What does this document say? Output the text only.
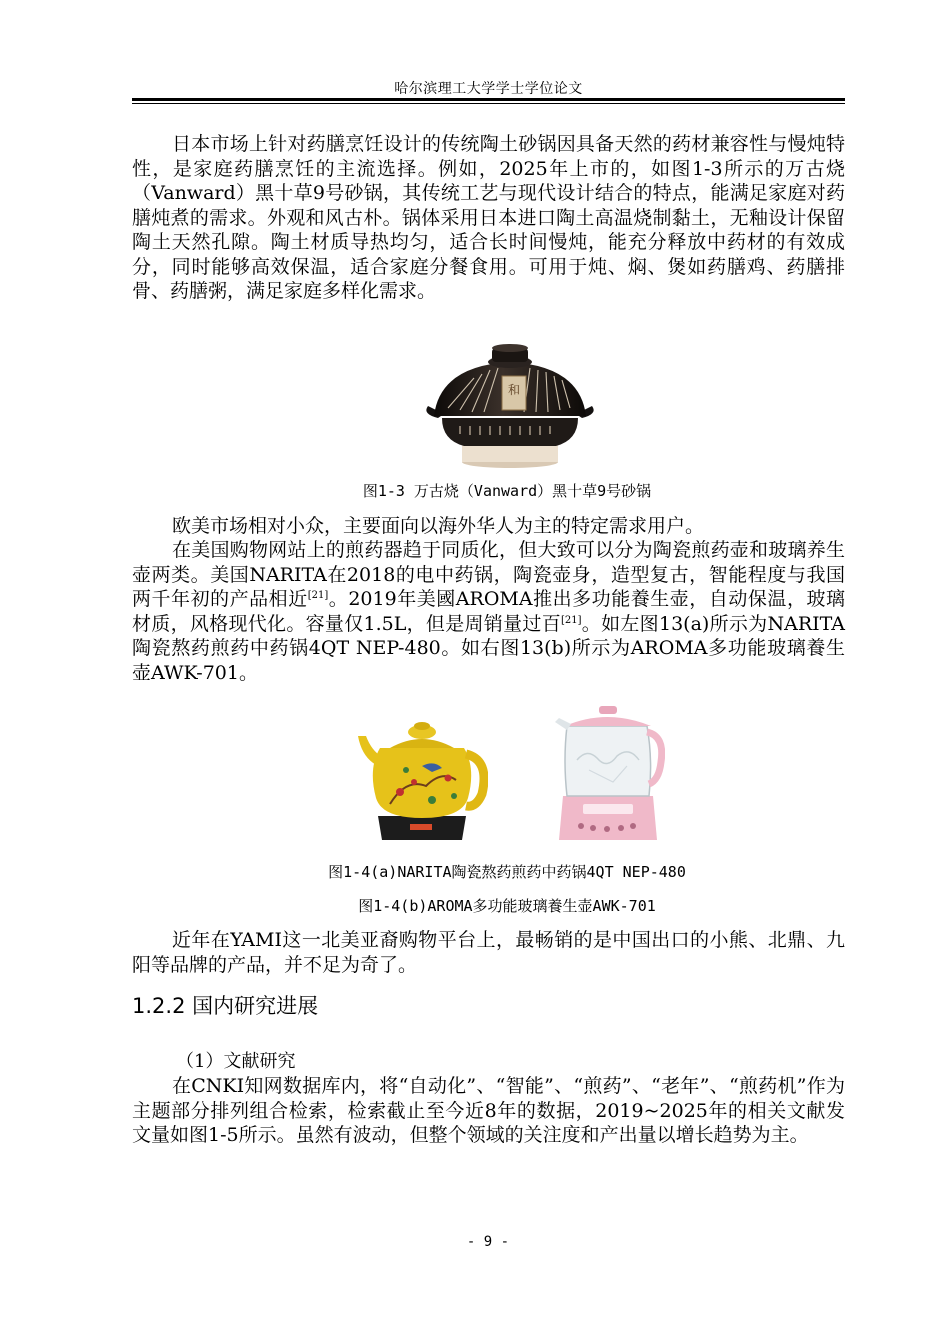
哈尔滨理工大学学士学位论文

日本市场上针对药膳烹饪设计的传统陶土砂锅因具备天然的药材兼容性与慢炖特性，是家庭药膳烹饪的主流选择。例如，2025年上市的，如图1-3所示的万古烧（Vanward）黑十草9号砂锅，其传统工艺与现代设计结合的特点，能满足家庭对药膳炖煮的需求。外观和风古朴。锅体采用日本进口陶土高温烧制黏土，无釉设计保留陶土天然孔隙。陶土材质导热均匀，适合长时间慢炖，能充分释放中药材的有效成分，同时能够高效保温，适合家庭分餐食用。可用于炖、焖、煲如药膳鸡、药膳排骨、药膳粥，满足家庭多样化需求。

和
图1-3 万古烧（Vanward）黑十草9号砂锅

欧美市场相对小众，主要面向以海外华人为主的特定需求用户。

在美国购物网站上的煎药器趋于同质化，但大致可以分为陶瓷煎药壶和玻璃养生壶两类。美国NARITA在2018的电中药锅，陶瓷壶身，造型复古，智能程度与我国两千年初的产品相近[21]。2019年美國AROMA推出多功能養生壶，自动保温，玻璃材质，风格现代化。容量仅1.5L，但是周销量过百[21]。如左图13(a)所示为NARITA陶瓷熬药煎药中药锅4QT NEP-480。如右图13(b)所示为AROMA多功能玻璃養生壶AWK-701。

图1-4(a)NARITA陶瓷熬药煎药中药锅4QT NEP-480
图1-4(b)AROMA多功能玻璃養生壶AWK-701

近年在YAMI这一北美亚裔购物平台上，最畅销的是中国出口的小熊、北鼎、九阳等品牌的产品，并不足为奇了。

1.2.2 国内研究进展
（1）文献研究

在CNKI知网数据库内，将“自动化”、“智能”、“煎药”、“老年”、“煎药机”作为主题部分排列组合检索，检索截止至今近8年的数据，2019~2025年的相关文献发文量如图1-5所示。虽然有波动，但整个领域的关注度和产出量以增长趋势为主。

- 9 -
